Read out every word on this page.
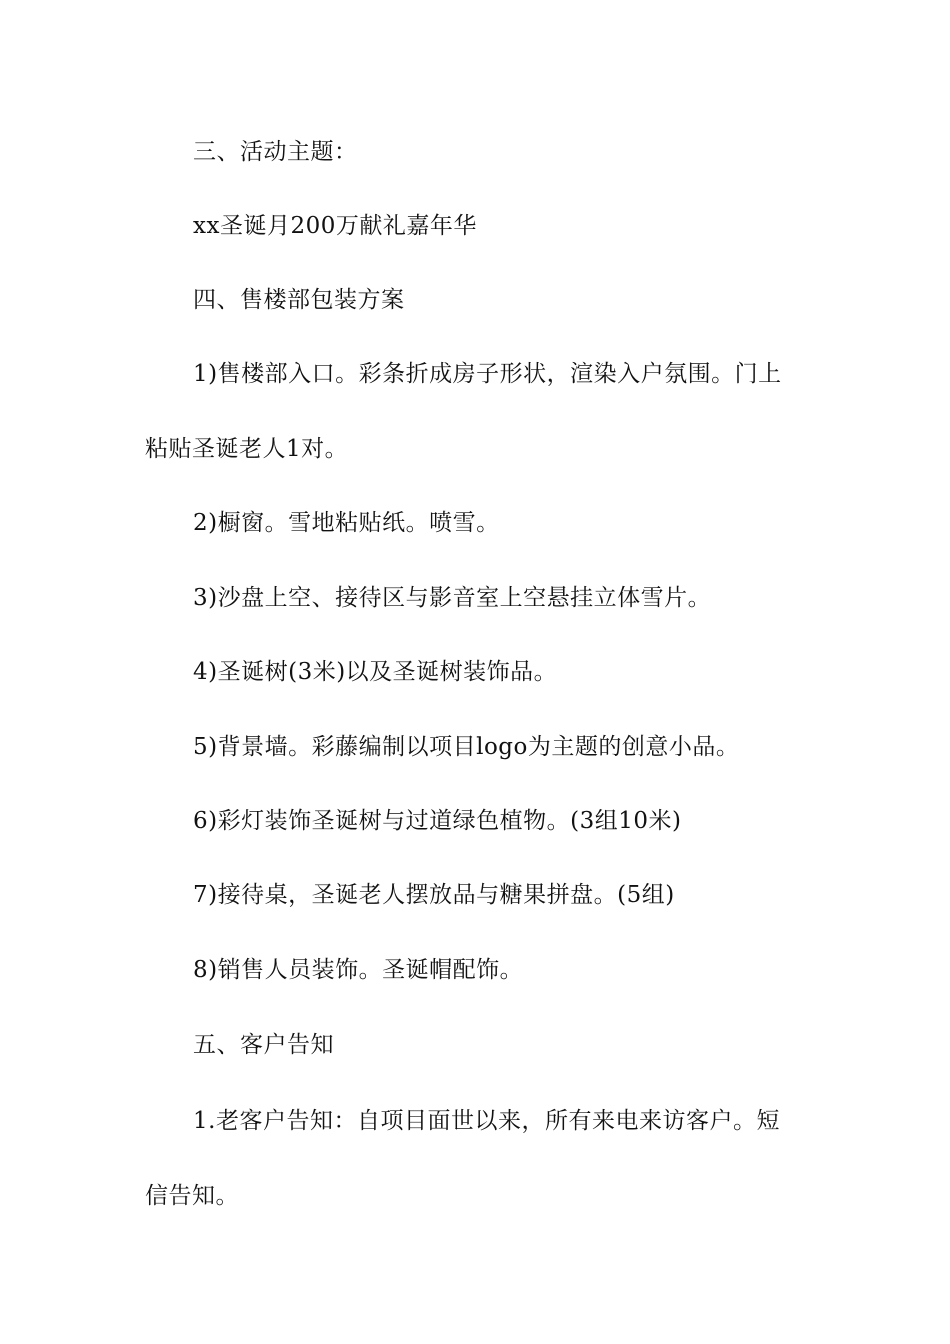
三、活动主题：
xx圣诞月200万献礼嘉年华
四、售楼部包装方案
1)售楼部入口。彩条折成房子形状，渲染入户氛围。门上
粘贴圣诞老人1对。
2)橱窗。雪地粘贴纸。喷雪。
3)沙盘上空、接待区与影音室上空悬挂立体雪片。
4)圣诞树(3米)以及圣诞树装饰品。
5)背景墙。彩藤编制以项目logo为主题的创意小品。
6)彩灯装饰圣诞树与过道绿色植物。(3组10米)
7)接待桌，圣诞老人摆放品与糖果拼盘。(5组)
8)销售人员装饰。圣诞帽配饰。
五、客户告知
1.老客户告知：自项目面世以来，所有来电来访客户。短
信告知。
